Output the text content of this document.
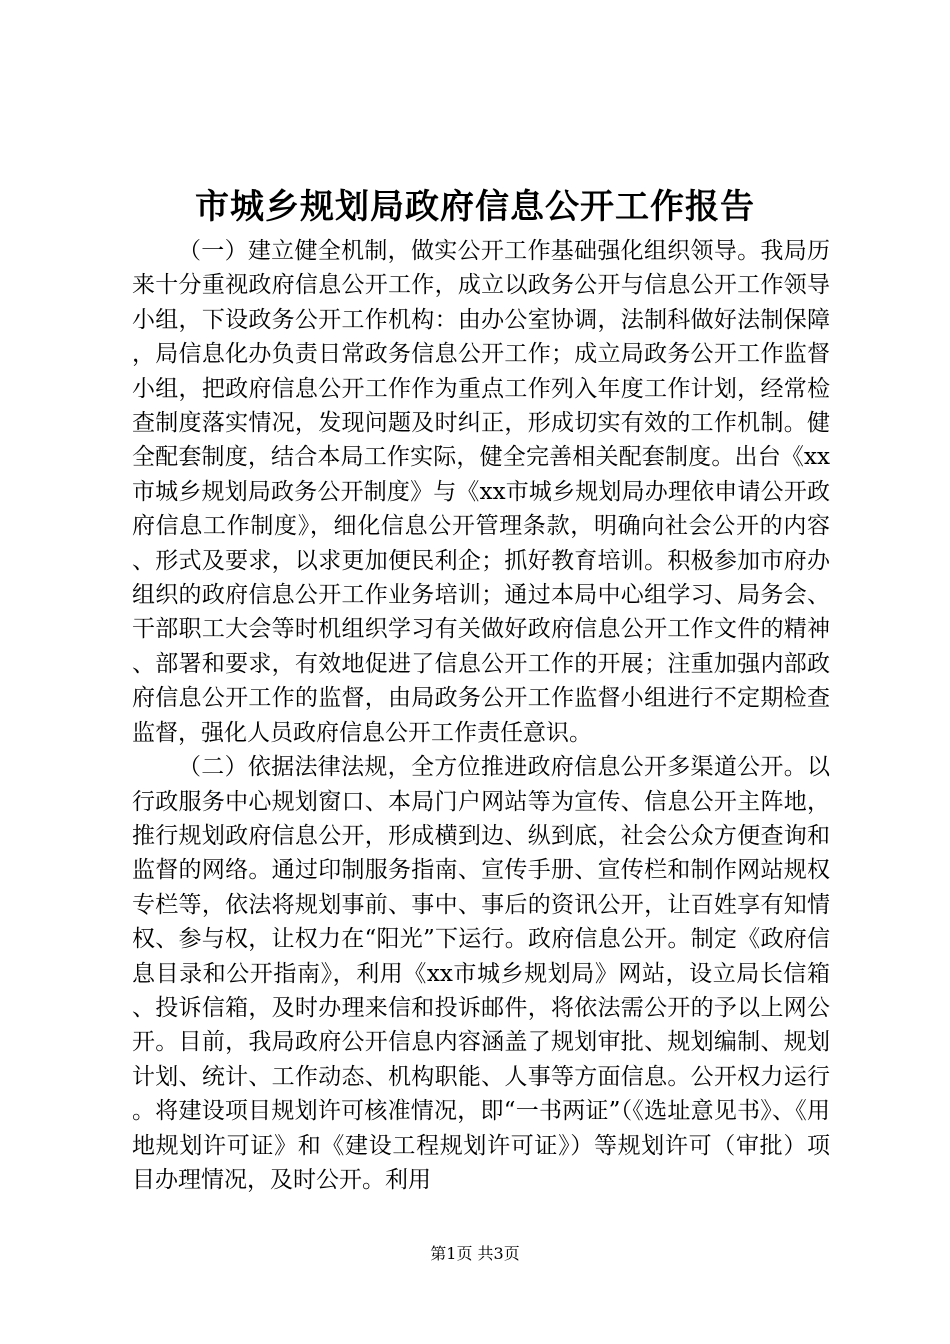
市城乡规划局政府信息公开工作报告

（一）建立健全机制，做实公开工作基础强化组织领导。我局历来十分重视政府信息公开工作，成立以政务公开与信息公开工作领导小组，下设政务公开工作机构：由办公室协调，法制科做好法制保障，局信息化办负责日常政务信息公开工作；成立局政务公开工作监督小组，把政府信息公开工作作为重点工作列入年度工作计划，经常检查制度落实情况，发现问题及时纠正，形成切实有效的工作机制。健全配套制度，结合本局工作实际，健全完善相关配套制度。出台《xx市城乡规划局政务公开制度》与《xx市城乡规划局办理依申请公开政府信息工作制度》，细化信息公开管理条款，明确向社会公开的内容、形式及要求，以求更加便民利企；抓好教育培训。积极参加市府办组织的政府信息公开工作业务培训；通过本局中心组学习、局务会、干部职工大会等时机组织学习有关做好政府信息公开工作文件的精神、部署和要求，有效地促进了信息公开工作的开展；注重加强内部政府信息公开工作的监督，由局政务公开工作监督小组进行不定期检查监督，强化人员政府信息公开工作责任意识。

（二）依据法律法规，全方位推进政府信息公开多渠道公开。以行政服务中心规划窗口、本局门户网站等为宣传、信息公开主阵地，推行规划政府信息公开，形成横到边、纵到底，社会公众方便查询和监督的网络。通过印制服务指南、宣传手册、宣传栏和制作网站规权专栏等，依法将规划事前、事中、事后的资讯公开，让百姓享有知情权、参与权，让权力在“阳光”下运行。政府信息公开。制定《政府信息目录和公开指南》，利用《xx市城乡规划局》网站，设立局长信箱、投诉信箱，及时办理来信和投诉邮件，将依法需公开的予以上网公开。目前，我局政府公开信息内容涵盖了规划审批、规划编制、规划计划、统计、工作动态、机构职能、人事等方面信息。公开权力运行。将建设项目规划许可核准情况，即“一书两证”（《选址意见书》、《用地规划许可证》和《建设工程规划许可证》）等规划许可（审批）项目办理情况，及时公开。利用

第1页 共3页
